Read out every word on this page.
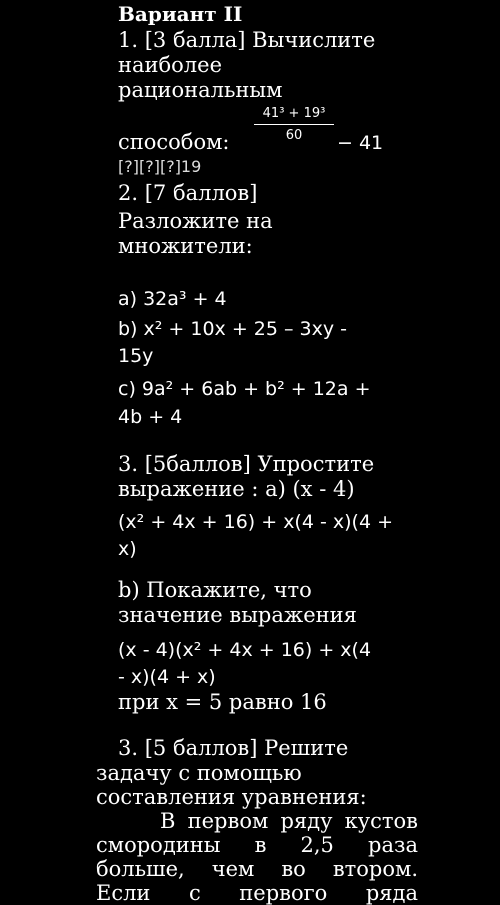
Вариант II
1. [3 балла] Вычислите
наиболее
рациональным
$\frac{\text{41³ + 19³}}{60}$
способом:	− 41
[?][?][?]19
2. [7 баллов]
Разложите на
множители:
a) 32a³ + 4
b) x² + 10x + 25 – 3xy -
15y
c) 9a² + 6ab + b² + 12a +
4b + 4
3. [5баллов] Упростите
выражение : a) (x - 4)
(x² + 4x + 16) + x(4 - x)(4 +
x)
b) Покажите, что
значение выражения
(x - 4)(x² + 4x + 16) + x(4
- x)(4 + x)
при x = 5 равно 16
3. [5 баллов] Решите
задачу с помощью
составления уравнения:
В первом ряду кустов
смородины в 2,5 раза
больше, чем во втором.
Если с первого ряда
